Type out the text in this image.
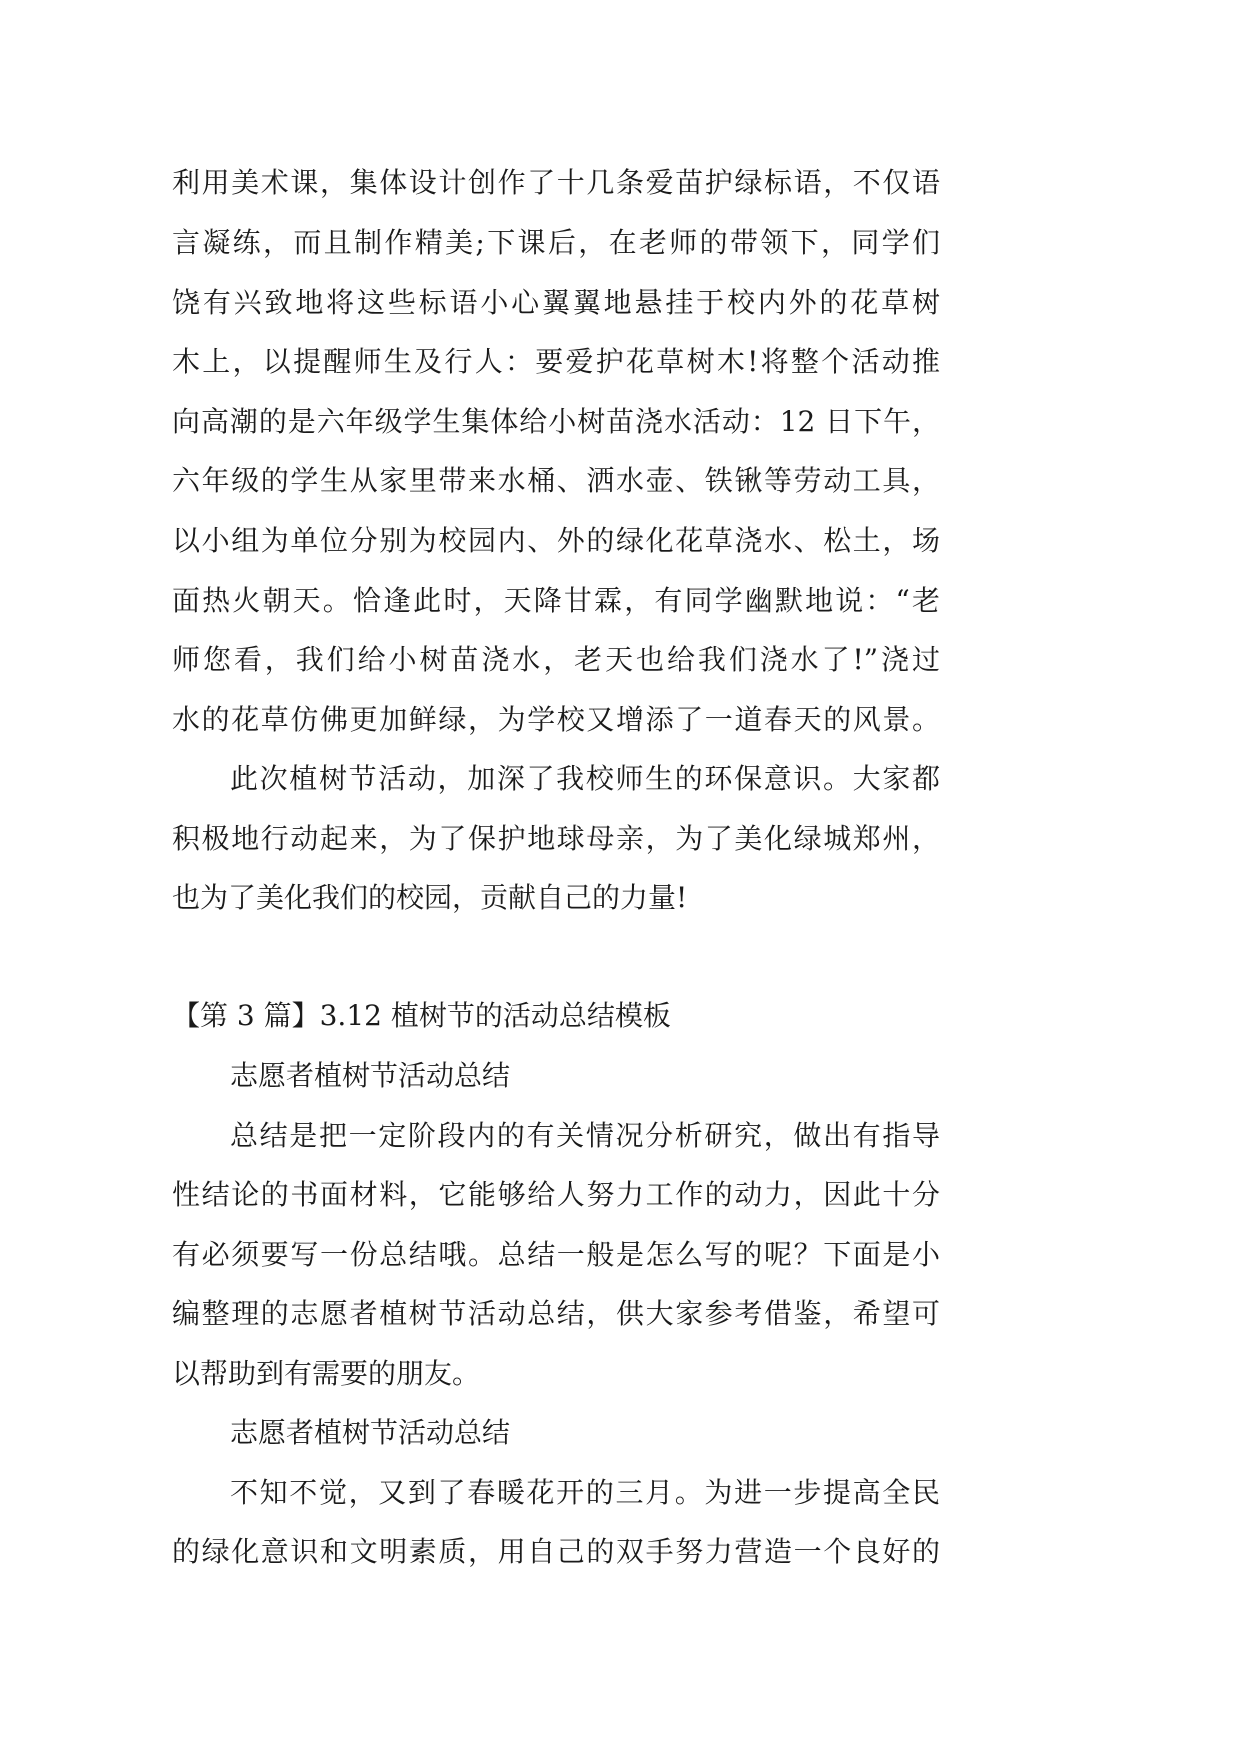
利用美术课，集体设计创作了十几条爱苗护绿标语，不仅语
言凝练，而且制作精美;下课后，在老师的带领下，同学们
饶有兴致地将这些标语小心翼翼地悬挂于校内外的花草树
木上，以提醒师生及行人：要爱护花草树木!将整个活动推
向高潮的是六年级学生集体给小树苗浇水活动：12 日下午，
六年级的学生从家里带来水桶、洒水壶、铁锹等劳动工具，
以小组为单位分别为校园内、外的绿化花草浇水、松土，场
面热火朝天。恰逢此时，天降甘霖，有同学幽默地说：“老
师您看，我们给小树苗浇水，老天也给我们浇水了!”浇过
水的花草仿佛更加鲜绿，为学校又增添了一道春天的风景。
此次植树节活动，加深了我校师生的环保意识。大家都
积极地行动起来，为了保护地球母亲，为了美化绿城郑州，
也为了美化我们的校园，贡献自己的力量!
【第 3 篇】3.12 植树节的活动总结模板
志愿者植树节活动总结
总结是把一定阶段内的有关情况分析研究，做出有指导
性结论的书面材料，它能够给人努力工作的动力，因此十分
有必须要写一份总结哦。总结一般是怎么写的呢？下面是小
编整理的志愿者植树节活动总结，供大家参考借鉴，希望可
以帮助到有需要的朋友。
志愿者植树节活动总结
不知不觉，又到了春暖花开的三月。为进一步提高全民
的绿化意识和文明素质，用自己的双手努力营造一个良好的
